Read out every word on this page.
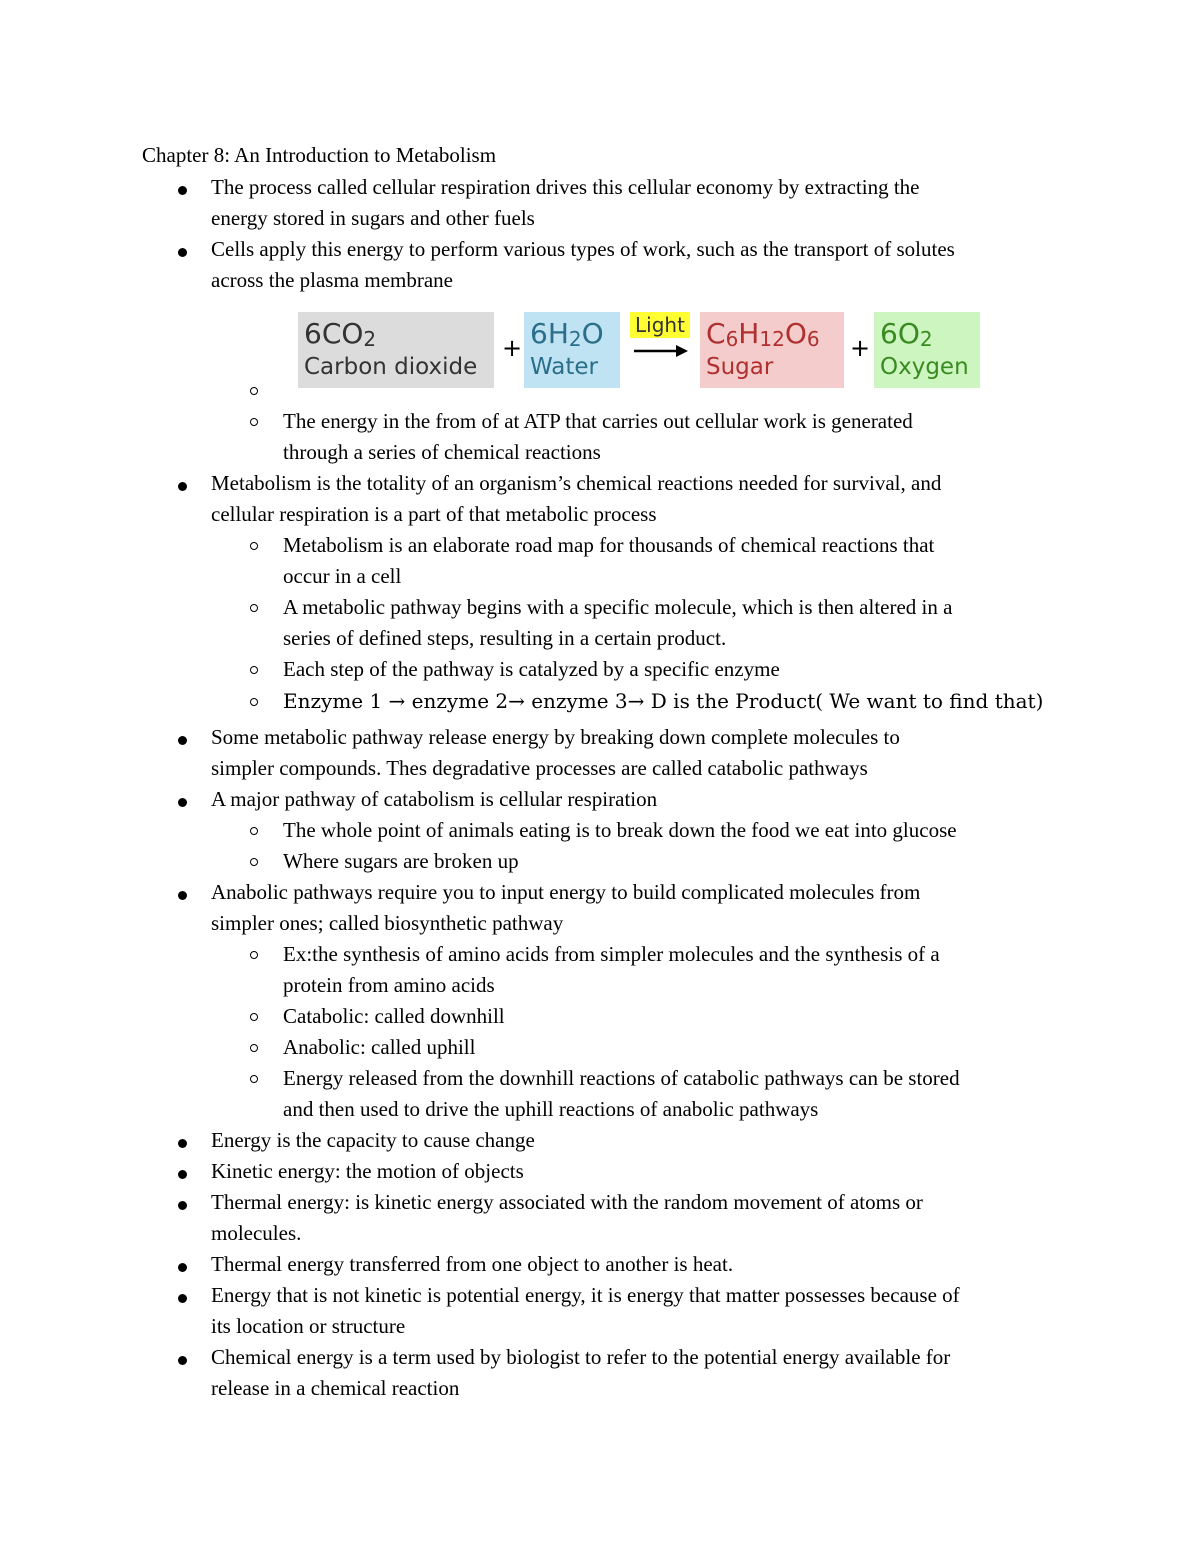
Chapter 8: An Introduction to Metabolism
The process called cellular respiration drives this cellular economy by extracting the
energy stored in sugars and other fuels
Cells apply this energy to perform various types of work, such as the transport of solutes
across the plasma membrane
$6CO_2$
Carbon dioxide
+ $6H_2O$
Water
Light $C_6H_{12}O_6$
Sugar
+ $6O_2$
Oxygen
The energy in the from of at ATP that carries out cellular work is generated
through a series of chemical reactions
Metabolism is the totality of an organism’s chemical reactions needed for survival, and
cellular respiration is a part of that metabolic process
Metabolism is an elaborate road map for thousands of chemical reactions that
occur in a cell
A metabolic pathway begins with a specific molecule, which is then altered in a
series of defined steps, resulting in a certain product.
Each step of the pathway is catalyzed by a specific enzyme
Enzyme 1 → enzyme 2→ enzyme 3→ D is the Product( We want to find that)
Some metabolic pathway release energy by breaking down complete molecules to
simpler compounds. Thes degradative processes are called catabolic pathways
A major pathway of catabolism is cellular respiration
The whole point of animals eating is to break down the food we eat into glucose
Where sugars are broken up
Anabolic pathways require you to input energy to build complicated molecules from
simpler ones; called biosynthetic pathway
Ex:the synthesis of amino acids from simpler molecules and the synthesis of a
protein from amino acids
Catabolic: called downhill
Anabolic: called uphill
Energy released from the downhill reactions of catabolic pathways can be stored
and then used to drive the uphill reactions of anabolic pathways
Energy is the capacity to cause change
Kinetic energy: the motion of objects
Thermal energy: is kinetic energy associated with the random movement of atoms or
molecules.
Thermal energy transferred from one object to another is heat.
Energy that is not kinetic is potential energy, it is energy that matter possesses because of
its location or structure
Chemical energy is a term used by biologist to refer to the potential energy available for
release in a chemical reaction
